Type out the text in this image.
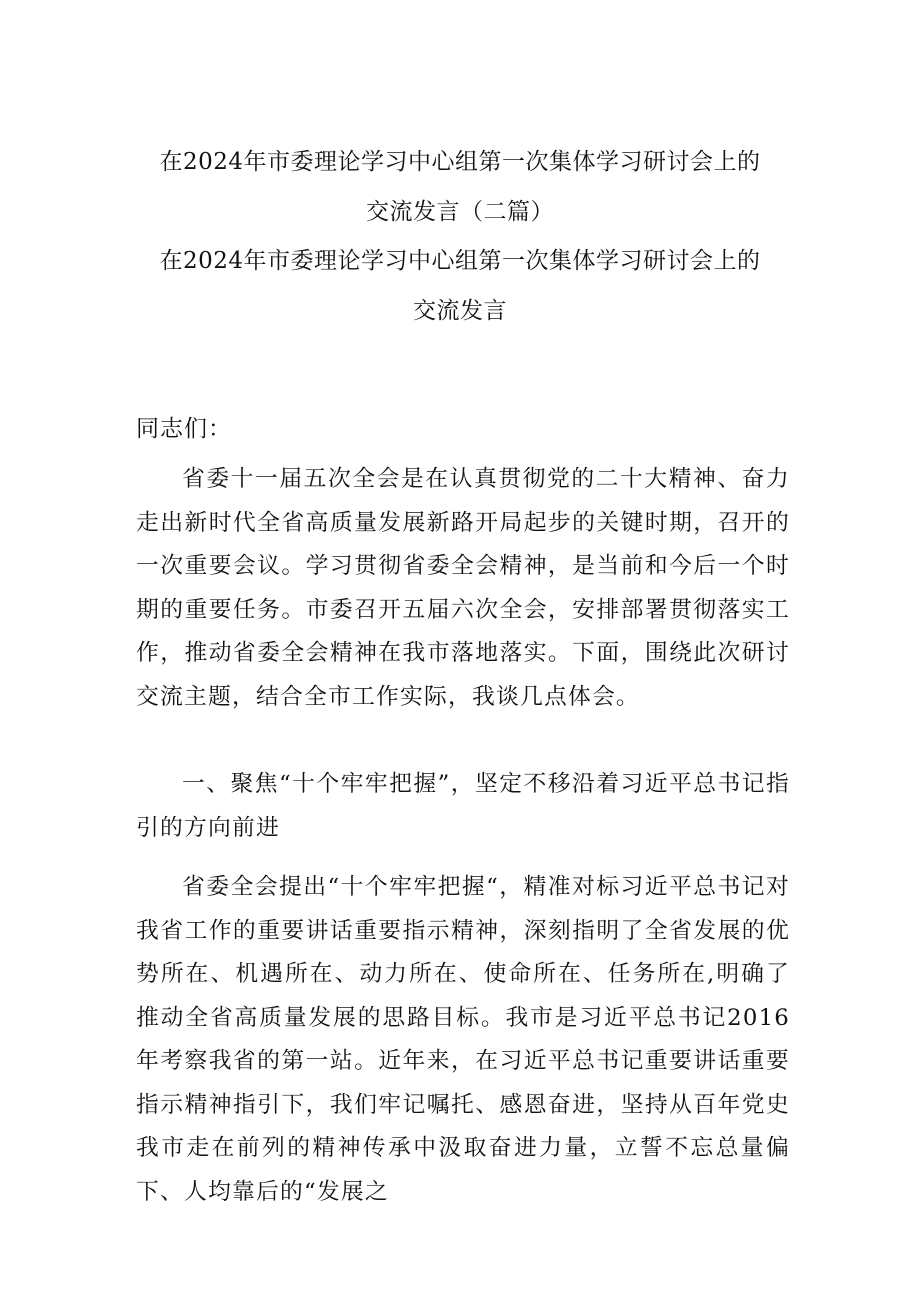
在2024年市委理论学习中心组第一次集体学习研讨会上的
交流发言（二篇）
在2024年市委理论学习中心组第一次集体学习研讨会上的
交流发言
同志们：

省委十一届五次全会是在认真贯彻党的二十大精神、奋力走出新时代全省高质量发展新路开局起步的关键时期，召开的一次重要会议。学习贯彻省委全会精神，是当前和今后一个时期的重要任务。市委召开五届六次全会，安排部署贯彻落实工作，推动省委全会精神在我市落地落实。下面，围绕此次研讨交流主题，结合全市工作实际，我谈几点体会。

一、聚焦“十个牢牢把握”，坚定不移沿着习近平总书记指引的方向前进

省委全会提出“十个牢牢把握“，精准对标习近平总书记对我省工作的重要讲话重要指示精神，深刻指明了全省发展的优势所在、机遇所在、动力所在、使命所在、任务所在,明确了推动全省高质量发展的思路目标。我市是习近平总书记2016年考察我省的第一站。近年来，在习近平总书记重要讲话重要指示精神指引下，我们牢记嘱托、感恩奋进，坚持从百年党史我市走在前列的精神传承中汲取奋进力量，立誓不忘总量偏下、人均靠后的“发展之
